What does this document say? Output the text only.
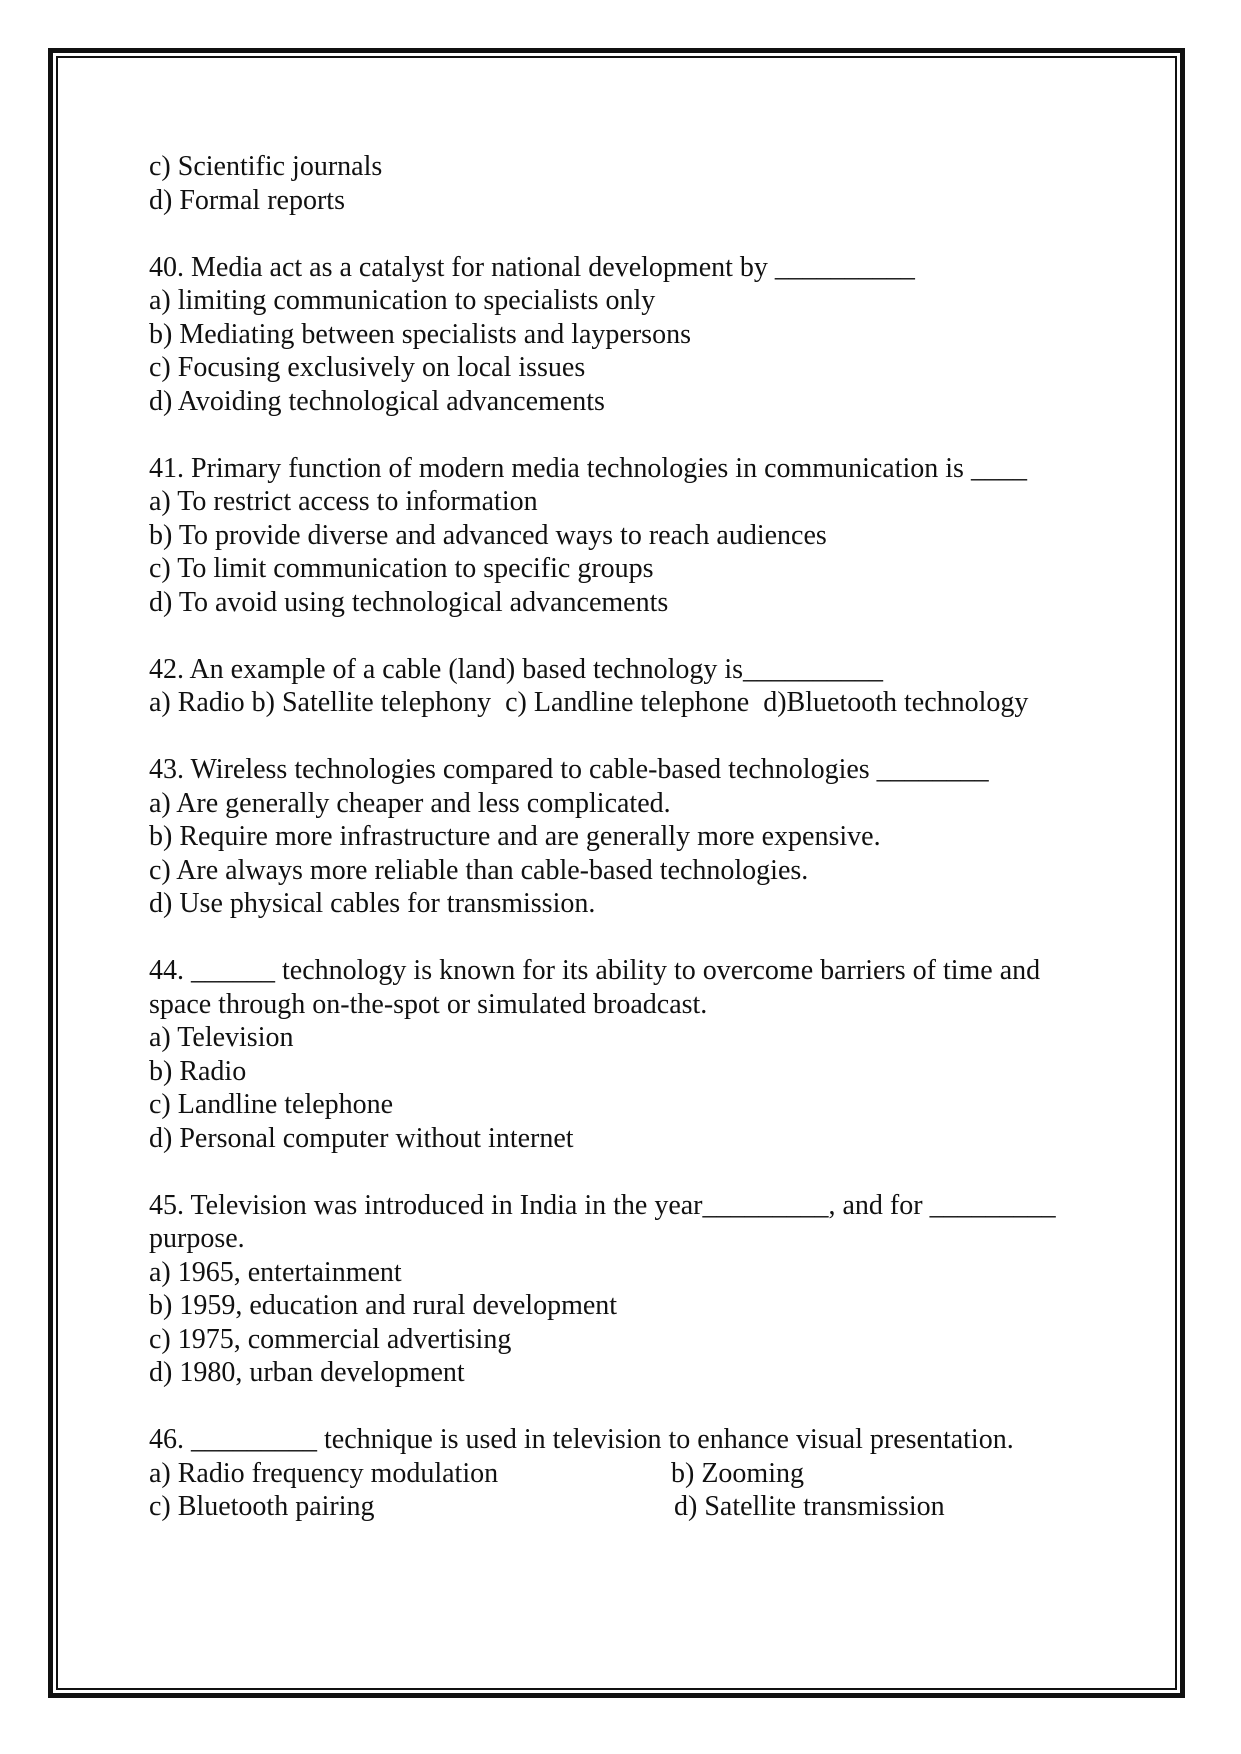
c) Scientific journals
d) Formal reports
40. Media act as a catalyst for national development by __________
a) limiting communication to specialists only
b) Mediating between specialists and laypersons
c) Focusing exclusively on local issues
d) Avoiding technological advancements
41. Primary function of modern media technologies in communication is ____
a) To restrict access to information
b) To provide diverse and advanced ways to reach audiences
c) To limit communication to specific groups
d) To avoid using technological advancements
42. An example of a cable (land) based technology is__________
a) Radio b) Satellite telephony  c) Landline telephone  d)Bluetooth technology
43. Wireless technologies compared to cable-based technologies ________
a) Are generally cheaper and less complicated.
b) Require more infrastructure and are generally more expensive.
c) Are always more reliable than cable-based technologies.
d) Use physical cables for transmission.
44. ______ technology is known for its ability to overcome barriers of time and
space through on-the-spot or simulated broadcast.
a) Television
b) Radio
c) Landline telephone
d) Personal computer without internet
45. Television was introduced in India in the year_________, and for _________
purpose.
a) 1965, entertainment
b) 1959, education and rural development
c) 1975, commercial advertising
d) 1980, urban development
46. _________ technique is used in television to enhance visual presentation.
a) Radio frequency modulation	b) Zooming
c) Bluetooth pairing	d) Satellite transmission
